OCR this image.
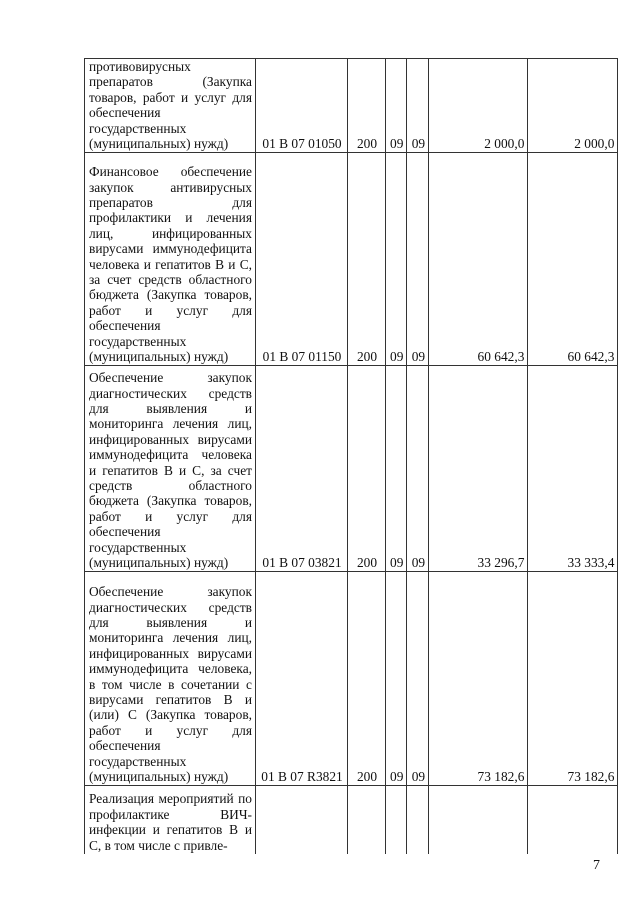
противовирусных препаратов (Закупка товаров, работ и услуг для обеспечения государственных (муниципальных) нужд)	01 В 07 01050	200	09	09	2 000,0	2 000,0
Финансовое обеспечение закупок антивирусных препаратов для профилактики и лечения лиц, инфицированных вирусами иммунодефицита человека и гепатитов В и С, за счет средств областного бюджета (Закупка товаров, работ и услуг для обеспечения государственных (муниципальных) нужд)	01 В 07 01150	200	09	09	60 642,3	60 642,3
Обеспечение закупок диагностических средств для выявления и мониторинга лечения лиц, инфицированных вирусами иммунодефицита человека и гепатитов В и С, за счет средств областного бюджета (Закупка товаров, работ и услуг для обеспечения государственных (муниципальных) нужд)	01 В 07 03821	200	09	09	33 296,7	33 333,4
Обеспечение закупок диагностических средств для выявления и мониторинга лечения лиц, инфицированных вирусами иммунодефицита человека, в том числе в сочетании с вирусами гепатитов В и (или) С (Закупка товаров, работ и услуг для обеспечения государственных (муниципальных) нужд)	01 В 07 R3821	200	09	09	73 182,6	73 182,6
Реализация мероприятий по профилактике ВИЧ-инфекции и гепатитов В и С, в том числе с привле-						
7
